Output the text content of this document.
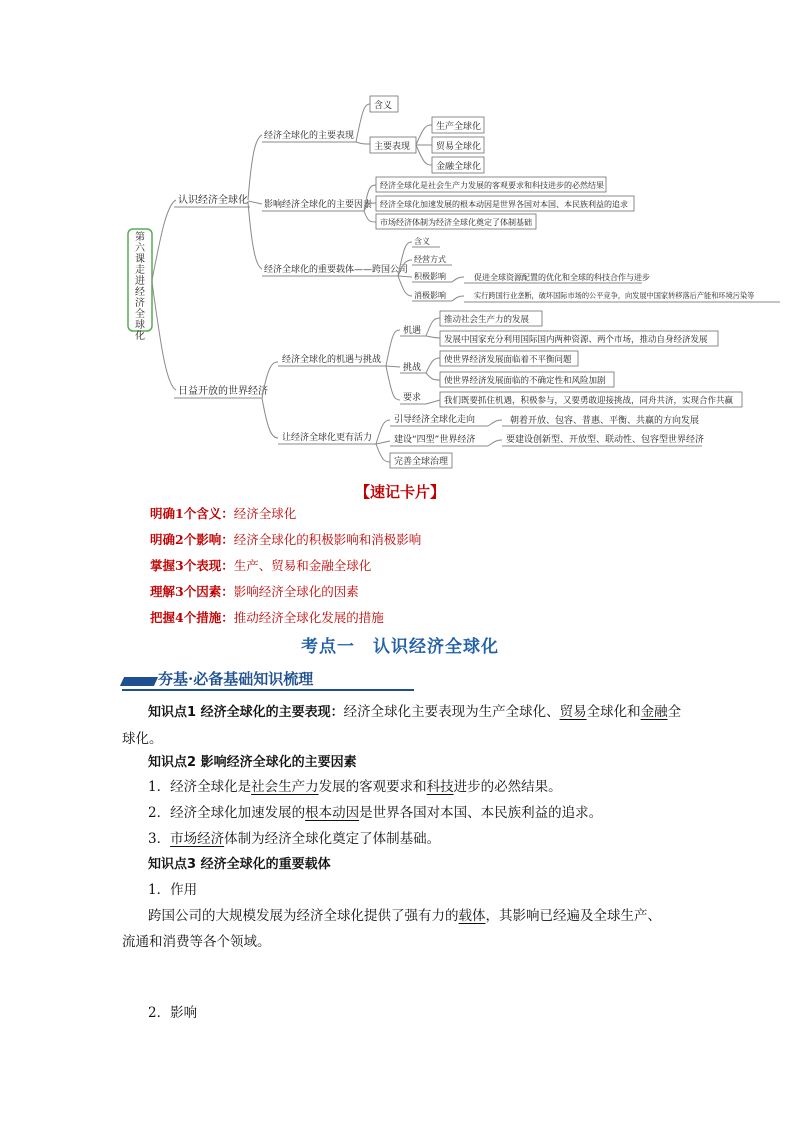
第六课走进经济全球化
认识经济全球化
经济全球化的主要表现
含义
主要表现
生产全球化
贸易全球化
金融全球化
影响经济全球化的主要因素
经济全球化是社会生产力发展的客观要求和科技进步的必然结果
经济全球化加速发展的根本动因是世界各国对本国、本民族利益的追求
市场经济体制为经济全球化奠定了体制基础
经济全球化的重要载体——跨国公司
含义
经营方式
积极影响	促进全球资源配置的优化和全球的科技合作与进步
消极影响	实行跨国行业垄断，破坏国际市场的公平竞争，向发展中国家转移落后产能和环境污染等
日益开放的世界经济
经济全球化的机遇与挑战
机遇
推动社会生产力的发展
发展中国家充分利用国际国内两种资源、两个市场，推动自身经济发展
挑战
使世界经济发展面临着不平衡问题
使世界经济发展面临的不确定性和风险加剧
要求	我们既要抓住机遇，积极参与，又要勇敢迎接挑战，同舟共济，实现合作共赢
让经济全球化更有活力
引导经济全球化走向	朝着开放、包容、普惠、平衡、共赢的方向发展
建设“四型”世界经济	要建设创新型、开放型、联动性、包容型世界经济
完善全球治理
【速记卡片】
明确1个含义：经济全球化
明确2个影响：经济全球化的积极影响和消极影响
掌握3个表现：生产、贸易和金融全球化
理解3个因素：影响经济全球化的因素
把握4个措施：推动经济全球化发展的措施
考点一　认识经济全球化
夯基·必备基础知识梳理
知识点1 经济全球化的主要表现：经济全球化主要表现为生产全球化、贸易全球化和金融全球化。
知识点2 影响经济全球化的主要因素
1．经济全球化是社会生产力发展的客观要求和科技进步的必然结果。
2．经济全球化加速发展的根本动因是世界各国对本国、本民族利益的追求。
3．市场经济体制为经济全球化奠定了体制基础。
知识点3 经济全球化的重要载体
1．作用
跨国公司的大规模发展为经济全球化提供了强有力的载体，其影响已经遍及全球生产、
流通和消费等各个领域。
2．影响
